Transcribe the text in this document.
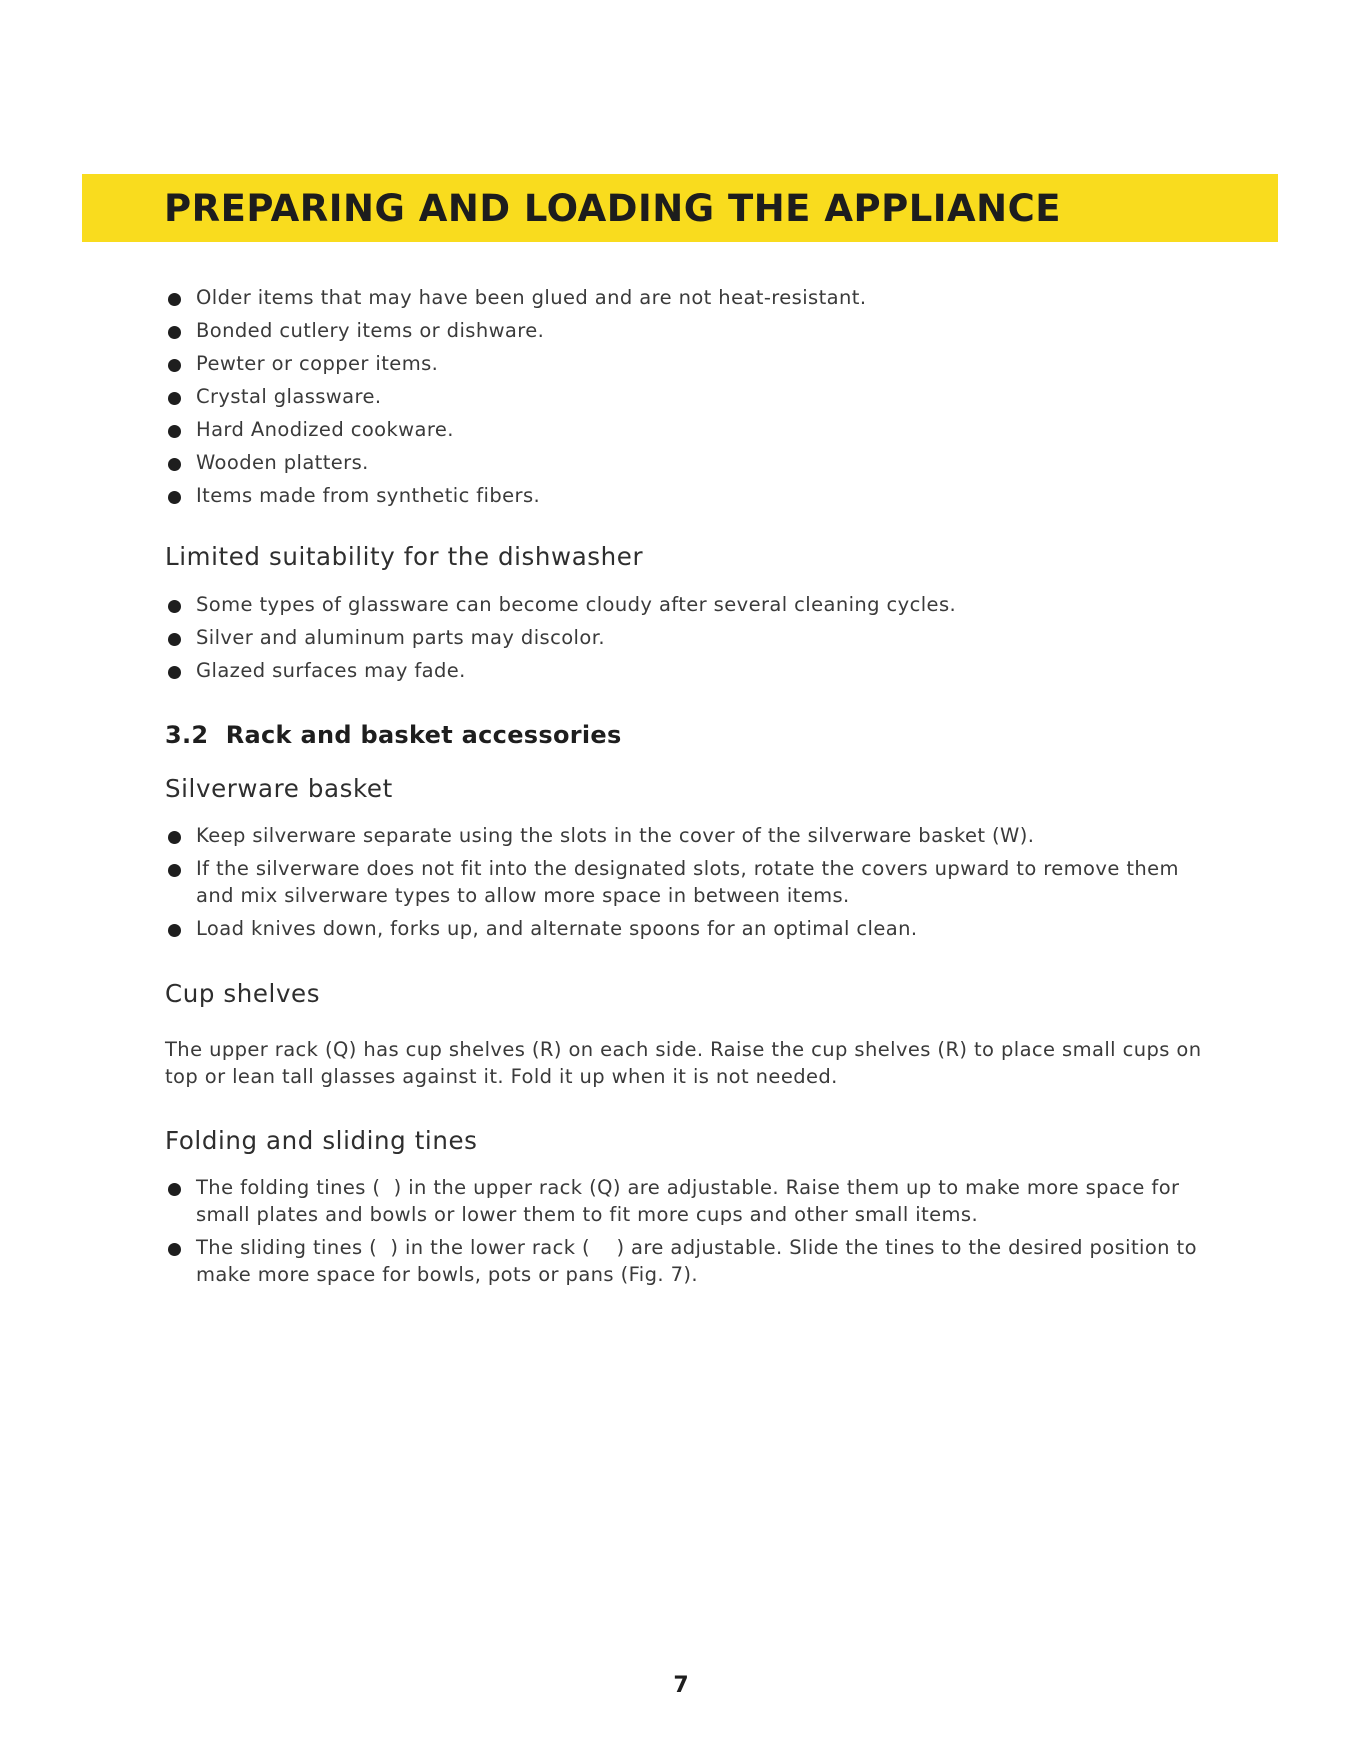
PREPARING AND LOADING THE APPLIANCE
Older items that may have been glued and are not heat-resistant.
Bonded cutlery items or dishware.
Pewter or copper items.
Crystal glassware.
Hard Anodized cookware.
Wooden platters.
Items made from synthetic fibers.
Limited suitability for the dishwasher
Some types of glassware can become cloudy after several cleaning cycles.
Silver and aluminum parts may discolor.
Glazed surfaces may fade.
3.2  Rack and basket accessories
Silverware basket
Keep silverware separate using the slots in the cover of the silverware basket (W).
If the silverware does not fit into the designated slots, rotate the covers upward to remove them and mix silverware types to allow more space in between items.
Load knives down, forks up, and alternate spoons for an optimal clean.
Cup shelves

The upper rack (Q) has cup shelves (R) on each side. Raise the cup shelves (R) to place small cups on top or lean tall glasses against it. Fold it up when it is not needed.

Folding and sliding tines
The folding tines (  ) in the upper rack (Q) are adjustable. Raise them up to make more space for small plates and bowls or lower them to fit more cups and other small items.
The sliding tines (  ) in the lower rack (    ) are adjustable. Slide the tines to the desired position to make more space for bowls, pots or pans (Fig. 7).
7
